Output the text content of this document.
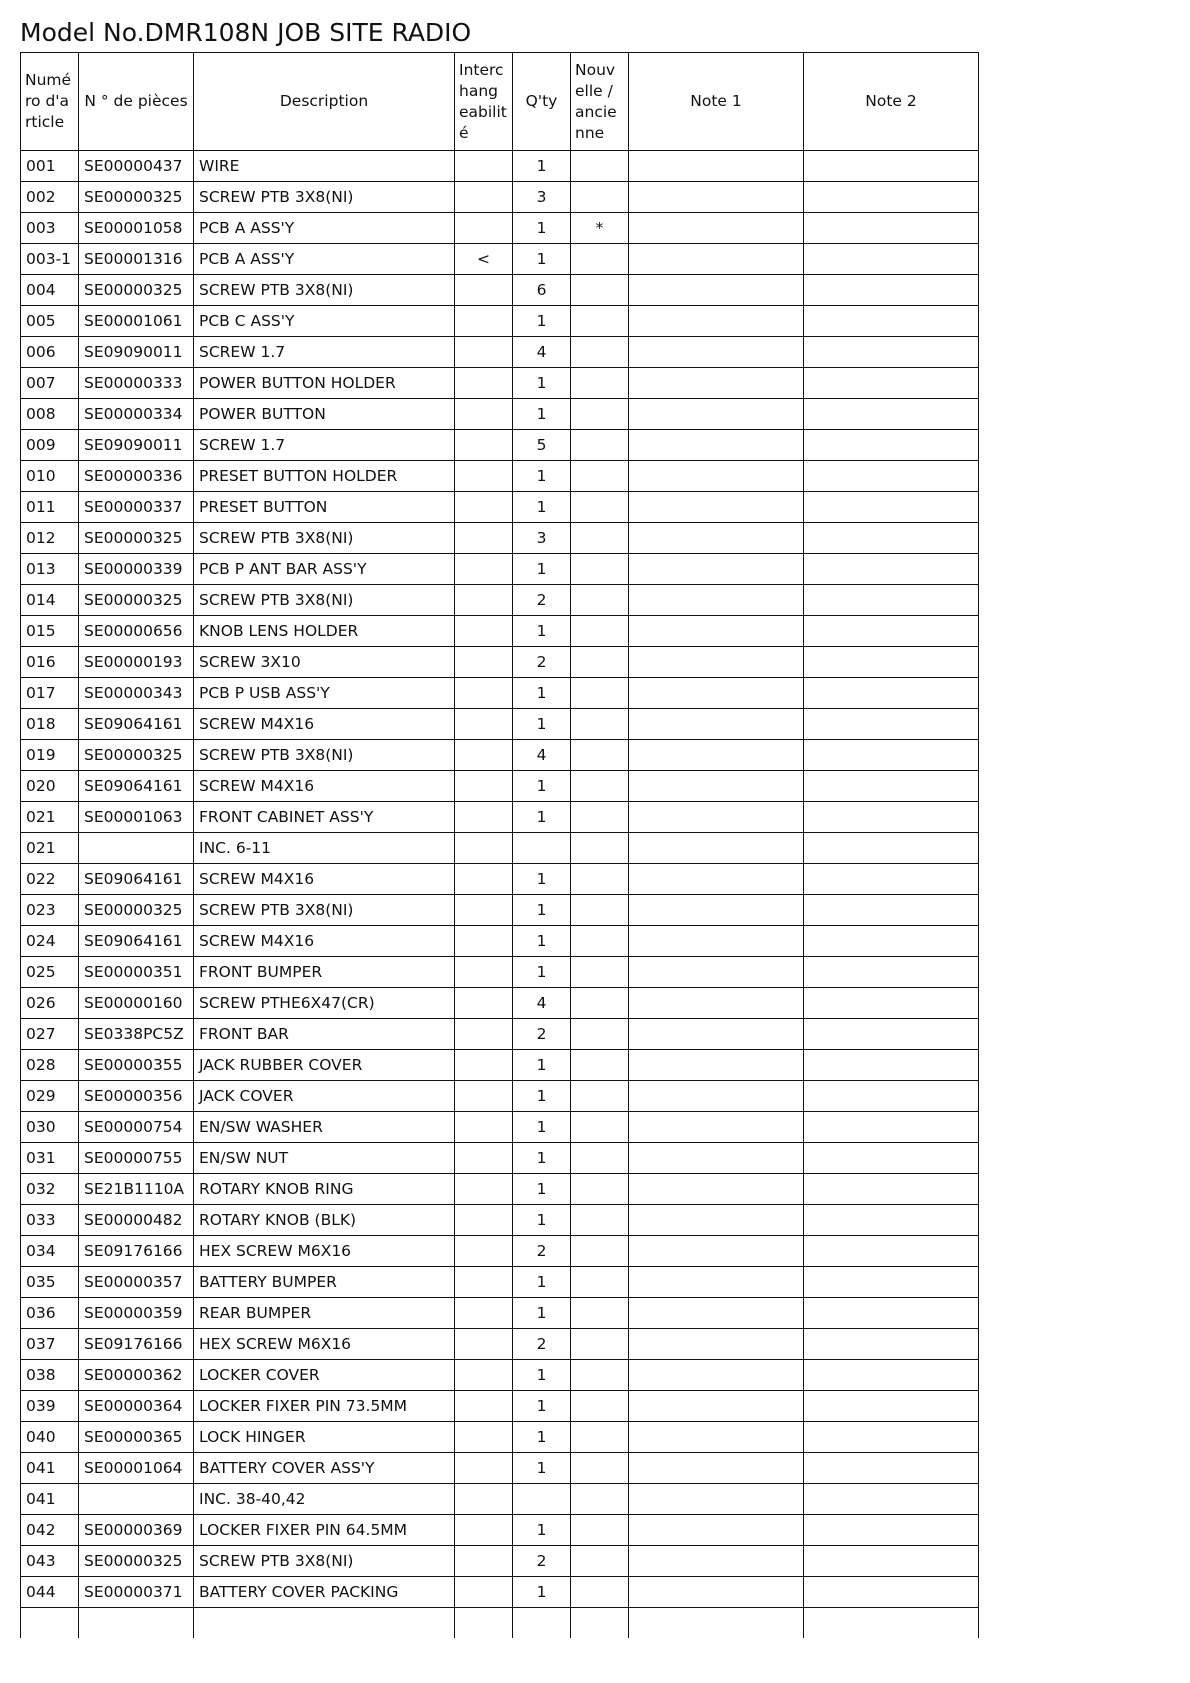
Model No.DMR108N JOB SITE RADIO
Numé ro d'a rticle	N ° de pièces	Description	Interc hang eabilit é	Q'ty	Nouv elle / ancie nne	Note 1	Note 2
001	SE00000437	WIRE		1			
002	SE00000325	SCREW PTB 3X8(NI)		3			
003	SE00001058	PCB A ASS'Y		1	*		
003-1	SE00001316	PCB A ASS'Y	<	1			
004	SE00000325	SCREW PTB 3X8(NI)		6			
005	SE00001061	PCB C ASS'Y		1			
006	SE09090011	SCREW 1.7		4			
007	SE00000333	POWER BUTTON HOLDER		1			
008	SE00000334	POWER BUTTON		1			
009	SE09090011	SCREW 1.7		5			
010	SE00000336	PRESET BUTTON HOLDER		1			
011	SE00000337	PRESET BUTTON		1			
012	SE00000325	SCREW PTB 3X8(NI)		3			
013	SE00000339	PCB P ANT BAR ASS'Y		1			
014	SE00000325	SCREW PTB 3X8(NI)		2			
015	SE00000656	KNOB LENS HOLDER		1			
016	SE00000193	SCREW 3X10		2			
017	SE00000343	PCB P USB ASS'Y		1			
018	SE09064161	SCREW M4X16		1			
019	SE00000325	SCREW PTB 3X8(NI)		4			
020	SE09064161	SCREW M4X16		1			
021	SE00001063	FRONT CABINET ASS'Y		1			
021		INC. 6-11					
022	SE09064161	SCREW M4X16		1			
023	SE00000325	SCREW PTB 3X8(NI)		1			
024	SE09064161	SCREW M4X16		1			
025	SE00000351	FRONT BUMPER		1			
026	SE00000160	SCREW PTHE6X47(CR)		4			
027	SE0338PC5Z	FRONT BAR		2			
028	SE00000355	JACK RUBBER COVER		1			
029	SE00000356	JACK COVER		1			
030	SE00000754	EN/SW WASHER		1			
031	SE00000755	EN/SW NUT		1			
032	SE21B1110A	ROTARY KNOB RING		1			
033	SE00000482	ROTARY KNOB (BLK)		1			
034	SE09176166	HEX SCREW M6X16		2			
035	SE00000357	BATTERY BUMPER		1			
036	SE00000359	REAR BUMPER		1			
037	SE09176166	HEX SCREW M6X16		2			
038	SE00000362	LOCKER COVER		1			
039	SE00000364	LOCKER FIXER PIN 73.5MM		1			
040	SE00000365	LOCK HINGER		1			
041	SE00001064	BATTERY COVER ASS'Y		1			
041		INC. 38-40,42					
042	SE00000369	LOCKER FIXER PIN 64.5MM		1			
043	SE00000325	SCREW PTB 3X8(NI)		2			
044	SE00000371	BATTERY COVER PACKING		1			
